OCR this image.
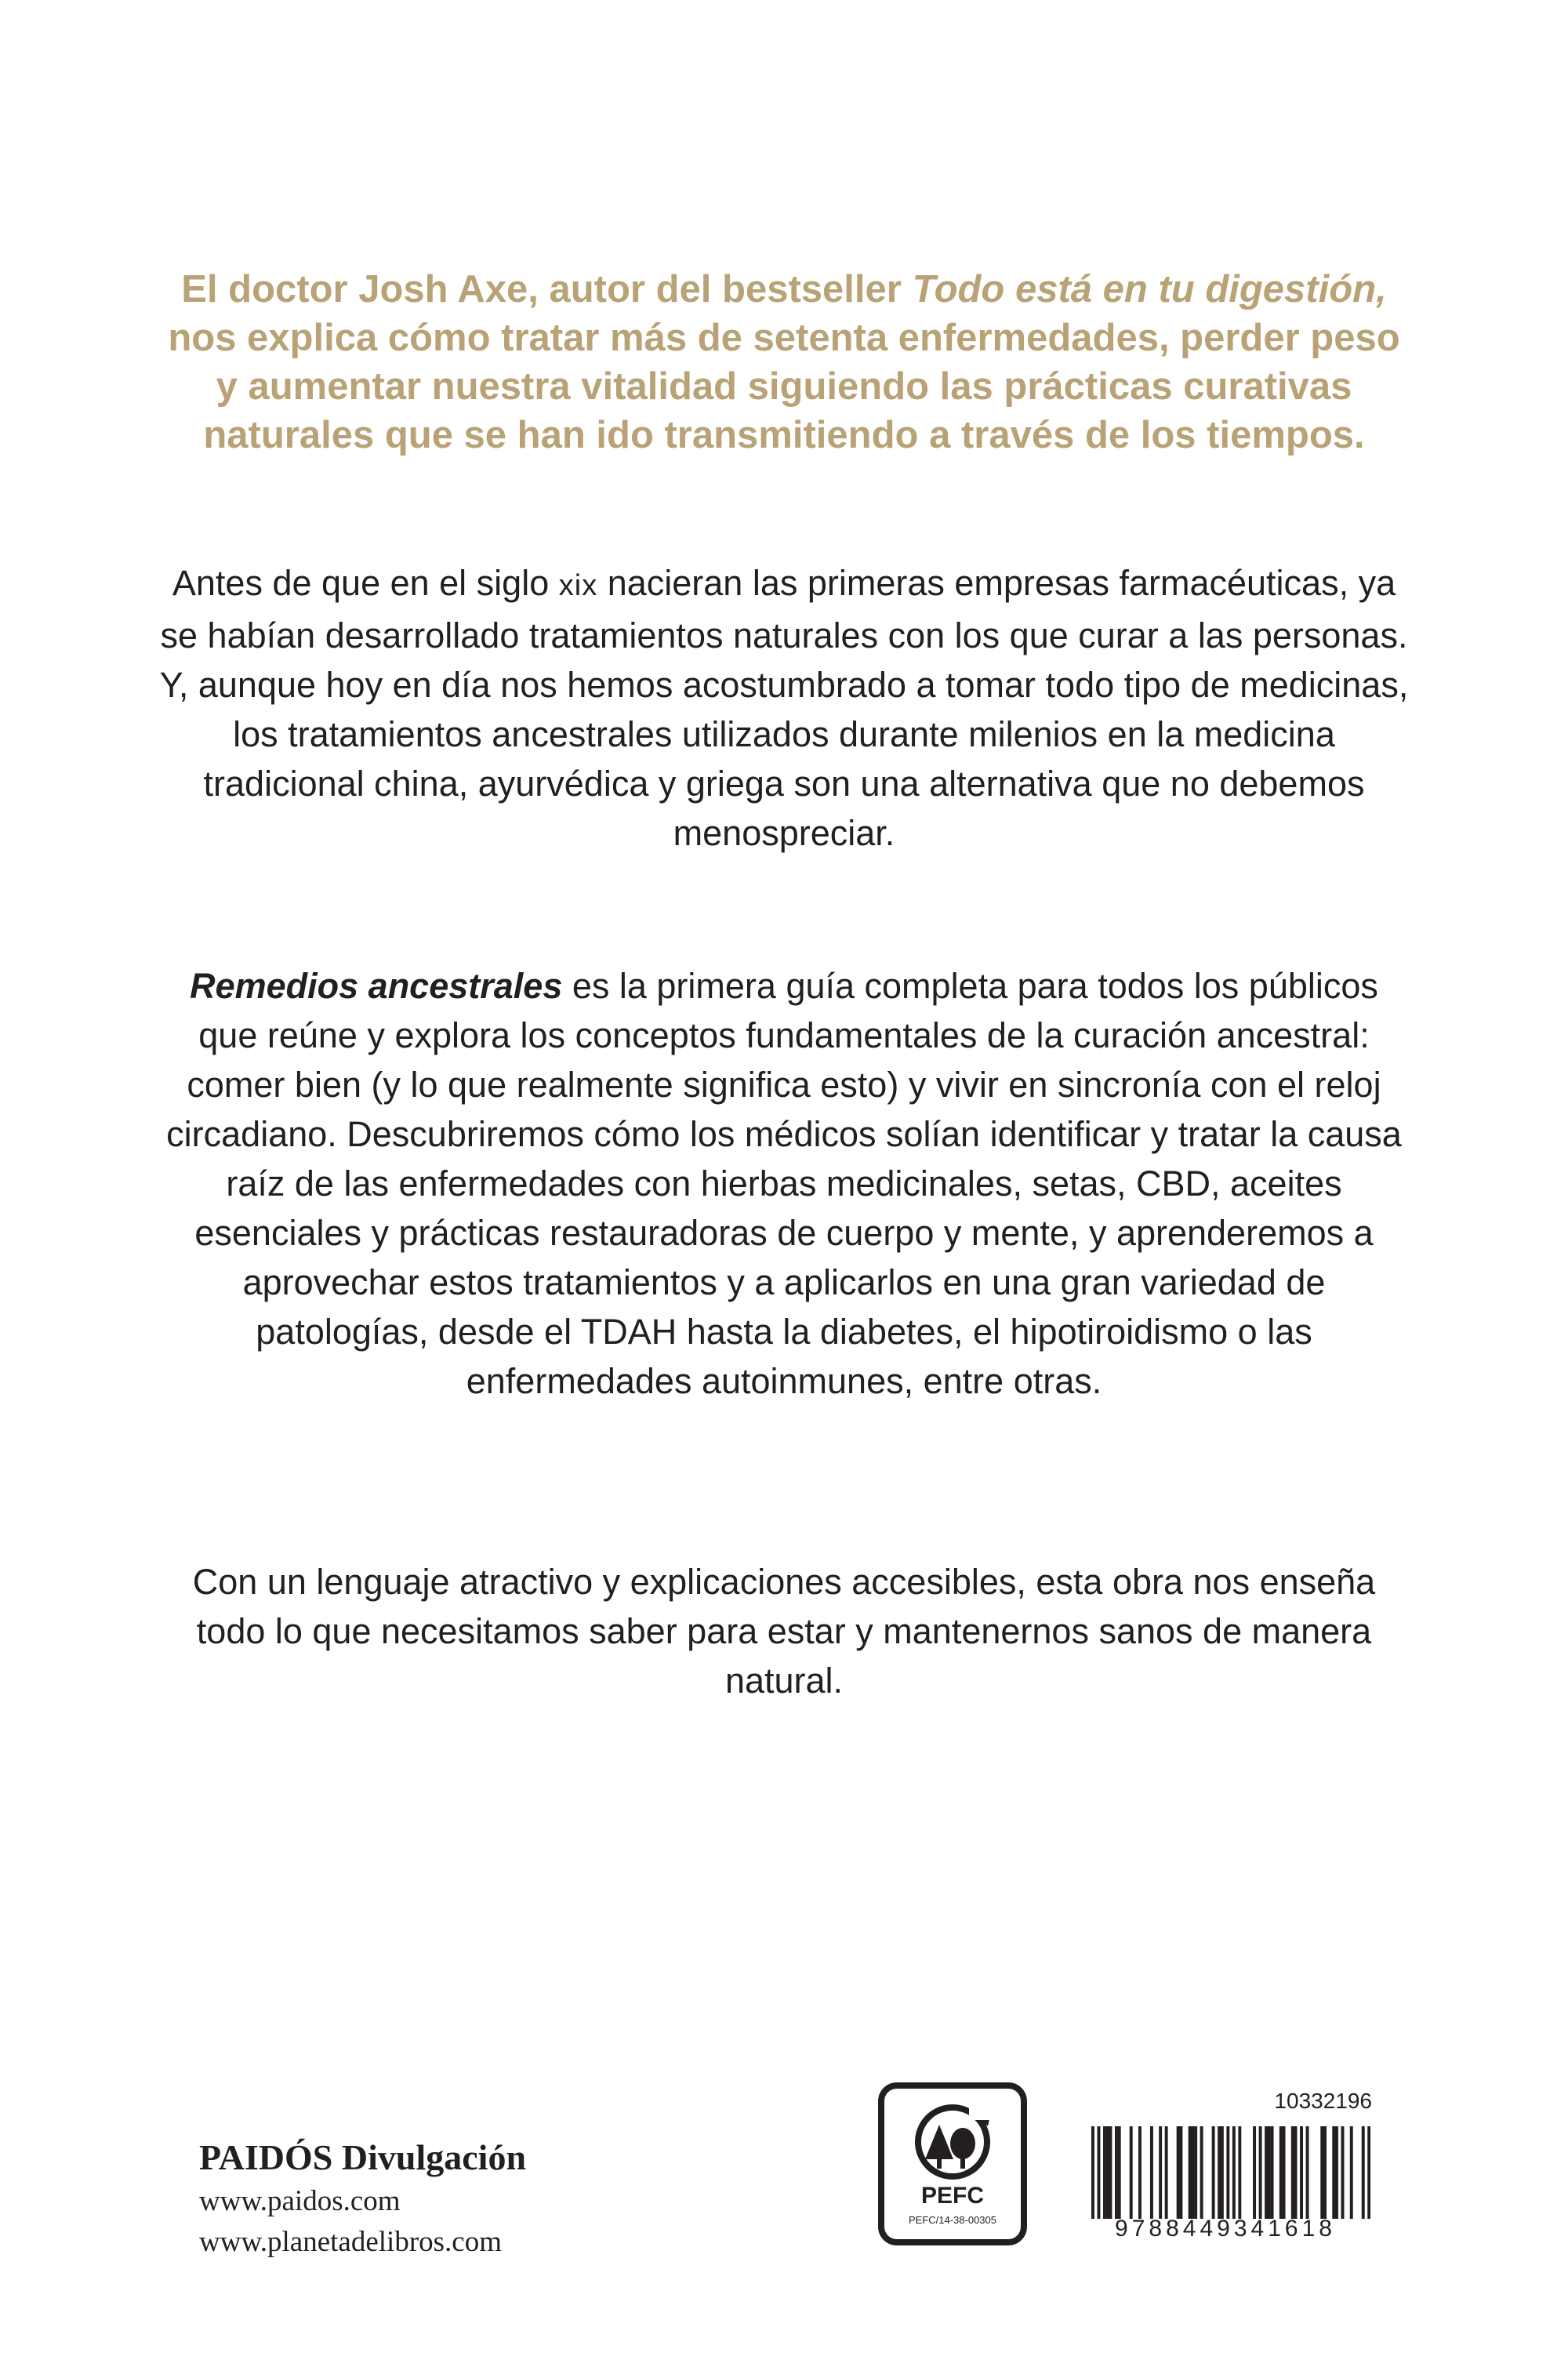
El doctor Josh Axe, autor del bestseller Todo está en tu digestión, nos explica cómo tratar más de setenta enfermedades, perder peso y aumentar nuestra vitalidad siguiendo las prácticas curativas naturales que se han ido transmitiendo a través de los tiempos.

Antes de que en el siglo xix nacieran las primeras empresas farmacéuticas, ya se habían desarrollado tratamientos naturales con los que curar a las personas. Y, aunque hoy en día nos hemos acostumbrado a tomar todo tipo de medicinas, los tratamientos ancestrales utilizados durante milenios en la medicina tradicional china, ayurvédica y griega son una alternativa que no debemos menospreciar.

Remedios ancestrales es la primera guía completa para todos los públicos que reúne y explora los conceptos fundamentales de la curación ancestral: comer bien (y lo que realmente significa esto) y vivir en sincronía con el reloj circadiano. Descubriremos cómo los médicos solían identificar y tratar la causa raíz de las enfermedades con hierbas medicinales, setas, CBD, aceites esenciales y prácticas restauradoras de cuerpo y mente, y aprenderemos a aprovechar estos tratamientos y a aplicarlos en una gran variedad de patologías, desde el TDAH hasta la diabetes, el hipotiroidismo o las enfermedades autoinmunes, entre otras.

Con un lenguaje atractivo y explicaciones accesibles, esta obra nos enseña todo lo que necesitamos saber para estar y mantenernos sanos de manera natural.

PAIDÓS Divulgación

www.paidos.com

www.planetadelibros.com

PEFC
PEFC/14-38-00305
10332196
9788449341618
